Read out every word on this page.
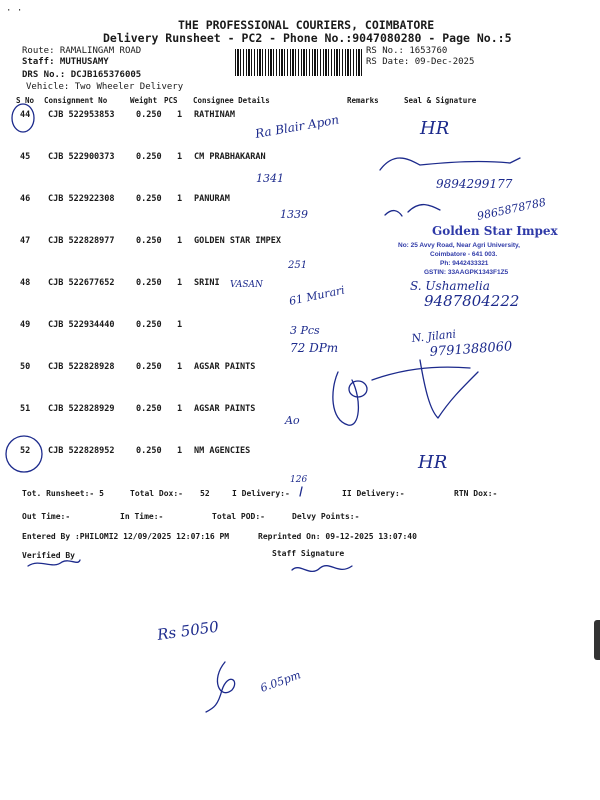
· ·
THE PROFESSIONAL COURIERS, COIMBATORE
Delivery Runsheet - PC2 - Phone No.:9047080280 - Page No.:5
Route: RAMALINGAM ROAD
Staff: MUTHUSAMY
DRS No.: DCJB165376005
Vehicle: Two Wheeler Delivery
RS No.: 1653760
RS Date: 09-Dec-2025
S No Consignment No	Weight PCS Consignee Details	Remarks	Seal & Signature
44 CJB 522953853	0.250 1 RATHINAM
45 CJB 522900373	0.250 1 CM PRABHAKARAN
46 CJB 522922308	0.250 1 PANURAM
47 CJB 522828977	0.250 1 GOLDEN STAR IMPEX
48 CJB 522677652	0.250 1 SRINI
49 CJB 522934440	0.250 1
50 CJB 522828928	0.250 1 AGSAR PAINTS
51 CJB 522828929	0.250 1 AGSAR PAINTS
52 CJB 522828952	0.250 1 NM AGENCIES
Tot. Runsheet:- 5	Total Dox:- 52	I Delivery:-	II Delivery:-	RTN Dox:-
Out Time:-	In Time:-	Total POD:-	Delvy Points:-
Entered By :PHILOMI2 12/09/2025 12:07:16 PM	Reprinted On: 09-12-2025 13:07:40
Verified By	Staff Signature
Golden Star Impex
No: 25 Avvy Road, Near Agri University,
Coimbatore - 641 003.
Ph: 9442433321
GSTIN: 33AAGPK1343F1Z5
Ra Blair Apon	HR
1341	9894299177
1339	9865878788
251
VASAN 61 Murari	S. Ushamelia
9487804222
3 Pcs
72 DPm
N. Jilani
9791388060
Ao
HR
126
Rs 5050
6.05pm
